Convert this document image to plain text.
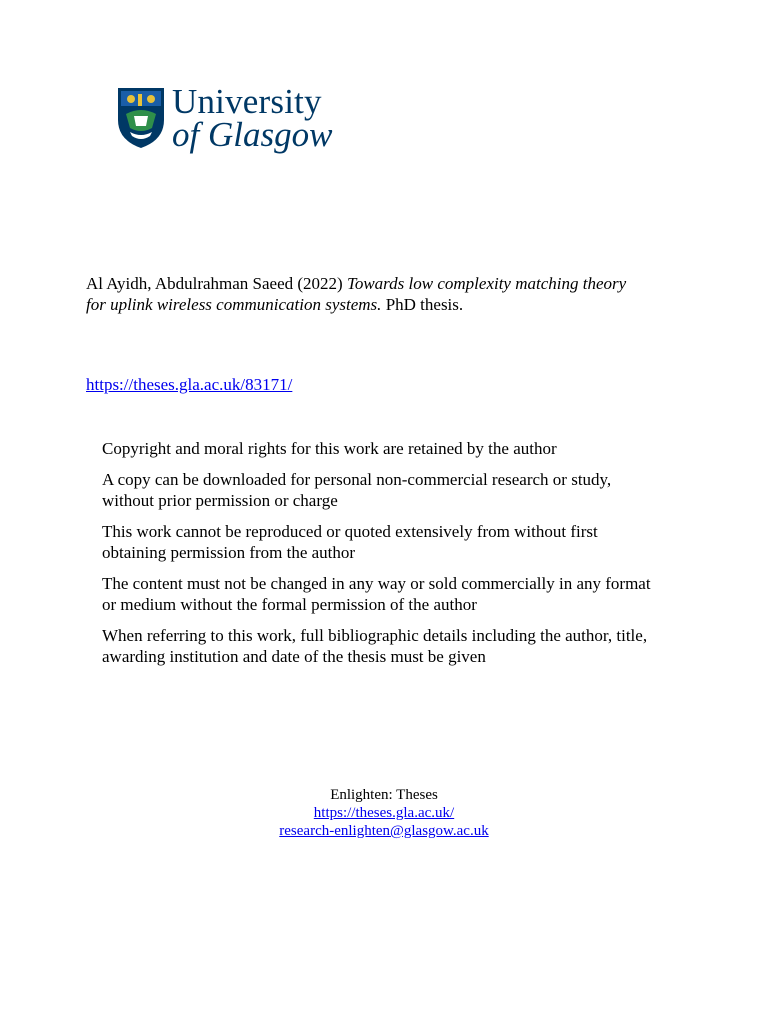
University
of Glasgow
Al Ayidh, Abdulrahman Saeed (2022) Towards low complexity matching theory for uplink wireless communication systems. PhD thesis.
https://theses.gla.ac.uk/83171/
Copyright and moral rights for this work are retained by the author
A copy can be downloaded for personal non-commercial research or study, without prior permission or charge
This work cannot be reproduced or quoted extensively from without first obtaining permission from the author
The content must not be changed in any way or sold commercially in any format or medium without the formal permission of the author
When referring to this work, full bibliographic details including the author, title, awarding institution and date of the thesis must be given
Enlighten: Theses
https://theses.gla.ac.uk/
research-enlighten@glasgow.ac.uk
